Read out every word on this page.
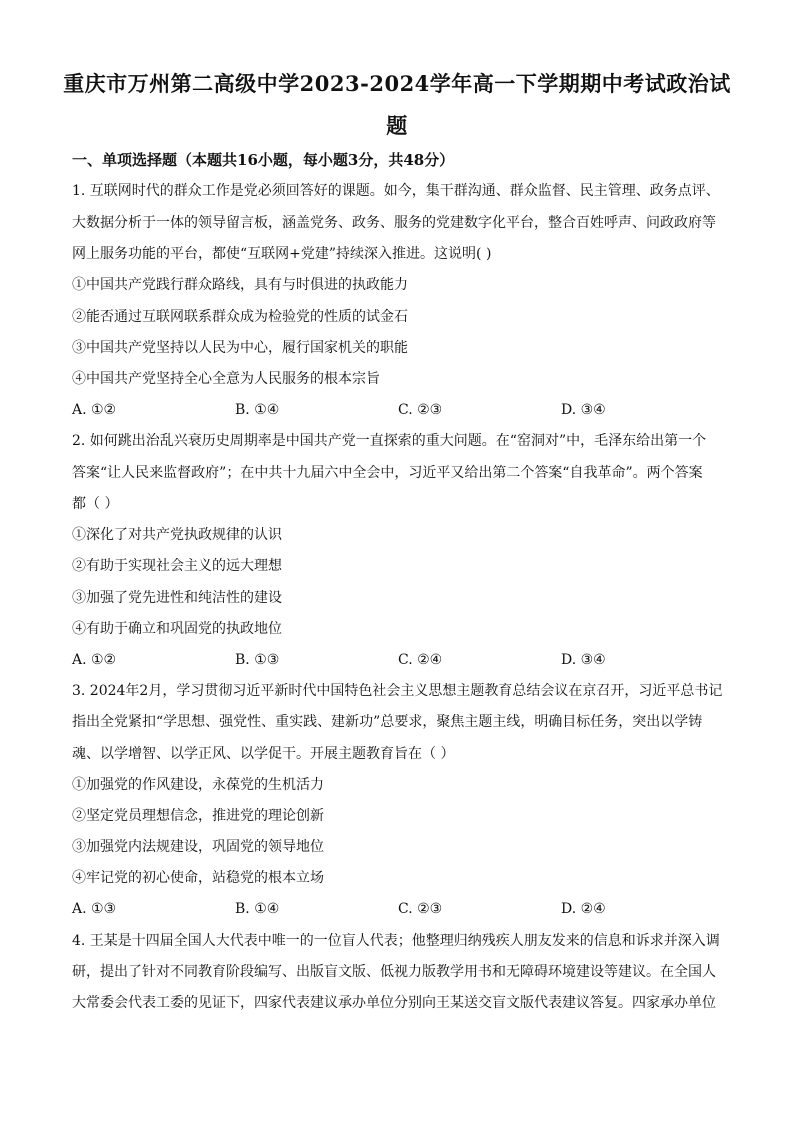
重庆市万州第二高级中学2023-2024学年高一下学期期中考试政治试
题
一、单项选择题（本题共16小题，每小题3分，共48分）
1. 互联网时代的群众工作是党必须回答好的课题。如今，集干群沟通、群众监督、民主管理、政务点评、
大数据分析于一体的领导留言板，涵盖党务、政务、服务的党建数字化平台，整合百姓呼声、问政政府等
网上服务功能的平台，都使“互联网+党建”持续深入推进。这说明( )
①中国共产党践行群众路线，具有与时俱进的执政能力
②能否通过互联网联系群众成为检验党的性质的试金石
③中国共产党坚持以人民为中心，履行国家机关的职能
④中国共产党坚持全心全意为人民服务的根本宗旨
A. ①②	B. ①④	C. ②③	D. ③④
2. 如何跳出治乱兴衰历史周期率是中国共产党一直探索的重大问题。在“窑洞对”中，毛泽东给出第一个
答案“让人民来监督政府”；在中共十九届六中全会中，习近平又给出第二个答案“自我革命”。两个答案
都（ ）
①深化了对共产党执政规律的认识
②有助于实现社会主义的远大理想
③加强了党先进性和纯洁性的建设
④有助于确立和巩固党的执政地位
A. ①②	B. ①③	C. ②④	D. ③④
3. 2024年2月，学习贯彻习近平新时代中国特色社会主义思想主题教育总结会议在京召开，习近平总书记
指出全党紧扣“学思想、强党性、重实践、建新功”总要求，聚焦主题主线，明确目标任务，突出以学铸
魂、以学增智、以学正风、以学促干。开展主题教育旨在（ ）
①加强党的作风建设，永葆党的生机活力
②坚定党员理想信念，推进党的理论创新
③加强党内法规建设，巩固党的领导地位
④牢记党的初心使命，站稳党的根本立场
A. ①③	B. ①④	C. ②③	D. ②④
4. 王某是十四届全国人大代表中唯一的一位盲人代表；他整理归纳残疾人朋友发来的信息和诉求并深入调
研，提出了针对不同教育阶段编写、出版盲文版、低视力版教学用书和无障碍环境建设等建议。在全国人
大常委会代表工委的见证下，四家代表建议承办单位分别向王某送交盲文版代表建议答复。四家承办单位
